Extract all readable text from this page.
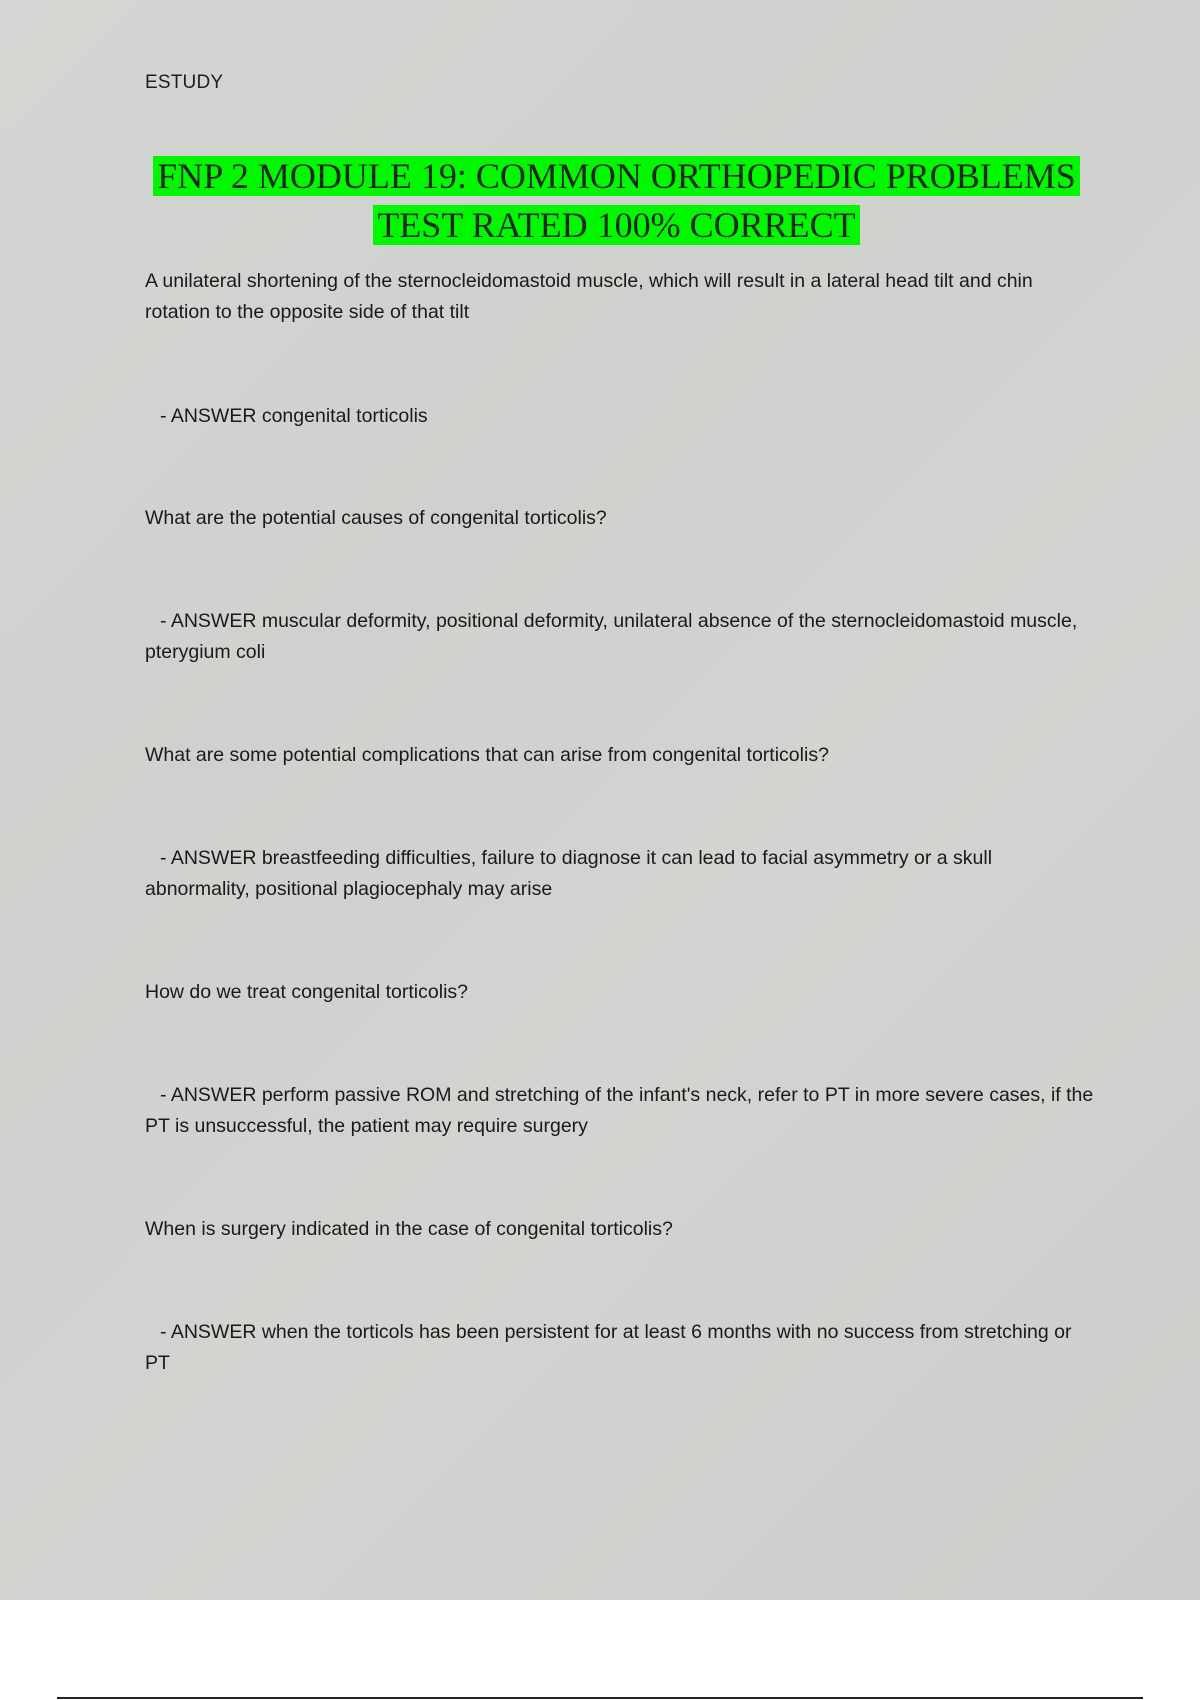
ESTUDY
FNP 2 MODULE 19: COMMON ORTHOPEDIC PROBLEMS
TEST RATED 100% CORRECT
A unilateral shortening of the sternocleidomastoid muscle, which will result in a lateral head tilt and chin rotation to the opposite side of that tilt
- ANSWER congenital torticolis
What are the potential causes of congenital torticolis?
- ANSWER muscular deformity, positional deformity, unilateral absence of the sternocleidomastoid muscle, pterygium coli
What are some potential complications that can arise from congenital torticolis?
- ANSWER breastfeeding difficulties, failure to diagnose it can lead to facial asymmetry or a skull abnormality, positional plagiocephaly may arise
How do we treat congenital torticolis?
- ANSWER perform passive ROM and stretching of the infant's neck, refer to PT in more severe cases, if the PT is unsuccessful, the patient may require surgery
When is surgery indicated in the case of congenital torticolis?
- ANSWER when the torticols has been persistent for at least 6 months with no success from stretching or PT
